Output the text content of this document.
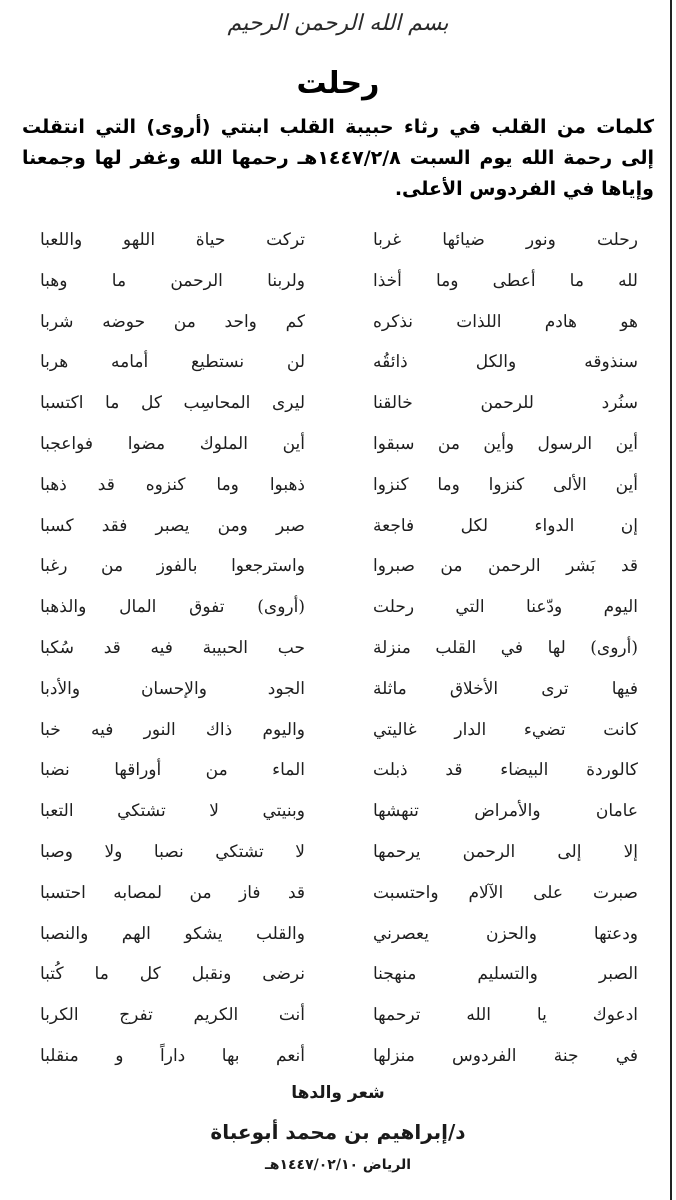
بسم الله الرحمن الرحيم
رحلت
كلمات من القلب في رثاء حبيبة القلب ابنتي (أروى) التي انتقلت إلى رحمة الله يوم السبت ١٤٤٧/٢/٨هـ رحمها الله وغفر لها وجمعنا وإياها في الفردوس الأعلى.
رحلت ونور ضيائها غربا
تركت حياة اللهو واللعبا
لله ما أعطى وما أخذا
ولربنا الرحمن ما وهبا
هو هادم اللذات نذكره
كم واحد من حوضه شربا
سنذوقه والكل ذائقُه
لن نستطيع أمامه هربا
سنُرد للرحمن خالقنا
ليرى المحاسِب كل ما اكتسبا
أين الرسول وأين من سبقوا
أين الملوك مضوا فواعجبا
أين الألى كنزوا وما كنزوا
ذهبوا وما كنزوه قد ذهبا
إن الدواء لكل فاجعة
صبر ومن يصبر فقد كسبا
قد بَشر الرحمن من صبروا
واسترجعوا بالفوز من رغبا
اليوم ودّعنا التي رحلت
(أروى) تفوق المال والذهبا
(أروى) لها في القلب منزلة
حب الحبيبة فيه قد سُكبا
فيها ترى الأخلاق ماثلة
الجود والإحسان والأدبا
كانت تضيء الدار غاليتي
واليوم ذاك النور فيه خبا
كالوردة البيضاء قد ذبلت
الماء من أوراقها نضبا
عامان والأمراض تنهشها
وبنيتي لا تشتكي التعبا
إلا إلى الرحمن يرحمها
لا تشتكي نصبا ولا وصبا
صبرت على الآلام واحتسبت
قد فاز من لمصابه احتسبا
ودعتها والحزن يعصرني
والقلب يشكو الهم والنصبا
الصبر والتسليم منهجنا
نرضى ونقبل كل ما كُتبا
ادعوك يا الله ترحمها
أنت الكريم تفرج الكربا
في جنة الفردوس منزلها
أنعم بها داراً و منقلبا
شعر والدها
د/إبراهيم بن محمد أبوعباة
الرياض ١٤٤٧/٠٢/١٠هـ
